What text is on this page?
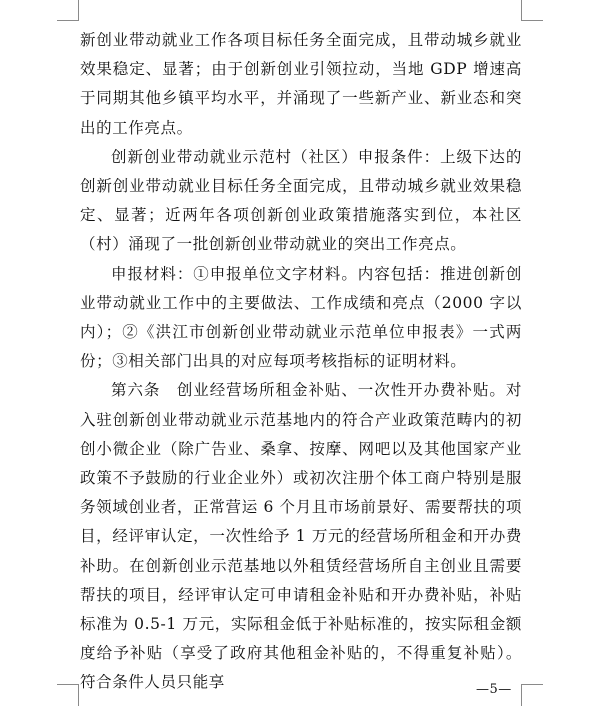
新创业带动就业工作各项目标任务全面完成，且带动城乡就业效果稳定、显著；由于创新创业引领拉动，当地 GDP 增速高于同期其他乡镇平均水平，并涌现了一些新产业、新业态和突出的工作亮点。

创新创业带动就业示范村（社区）申报条件：上级下达的创新创业带动就业目标任务全面完成，且带动城乡就业效果稳定、显著；近两年各项创新创业政策措施落实到位，本社区（村）涌现了一批创新创业带动就业的突出工作亮点。

申报材料：①申报单位文字材料。内容包括：推进创新创业带动就业工作中的主要做法、工作成绩和亮点（2000 字以内）；②《洪江市创新创业带动就业示范单位申报表》一式两份；③相关部门出具的对应每项考核指标的证明材料。

第六条　创业经营场所租金补贴、一次性开办费补贴。对入驻创新创业带动就业示范基地内的符合产业政策范畴内的初创小微企业（除广告业、桑拿、按摩、网吧以及其他国家产业政策不予鼓励的行业企业外）或初次注册个体工商户特别是服务领域创业者，正常营运 6 个月且市场前景好、需要帮扶的项目，经评审认定，一次性给予 1 万元的经营场所租金和开办费补助。在创新创业示范基地以外租赁经营场所自主创业且需要帮扶的项目，经评审认定可申请租金补贴和开办费补贴，补贴标准为 0.5-1 万元，实际租金低于补贴标准的，按实际租金额度给予补贴（享受了政府其他租金补贴的，不得重复补贴）。符合条件人员只能享	—5—
